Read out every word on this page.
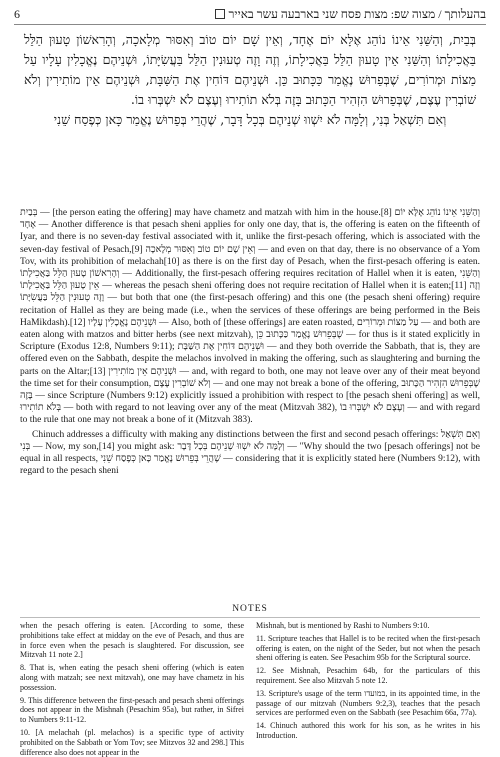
6	בהעלותך / מצוה שפ: מצות פסח שני בארבעה עשר באייר

בְּבַיִת, וְהַשֵּׁנִי אֵינוֹ נוֹהֵג אֶלָּא יוֹם אֶחָד, וְאֵין שָׁם יוֹם טוֹב וְאִסּוּר מְלָאכָה, וְהָרִאשׁוֹן טָעוּן הַלֵּל בַּאֲכִילָתוֹ וְהַשֵּׁנִי אֵין טָעוּן הַלֵּל בַּאֲכִילָתוֹ, וְזֶה וָזֶה טְעוּנִין הַלֵּל בַּעֲשִׂיָּתוֹ, וּשְׁנֵיהֶם נֶאֱכָלִין עָלָיו עַל מַצּוֹת וּמְרוֹרִים, שֶׁבְּפֵרוּשׁ נֶאֱמַר כַּכָּתוּב כֵּן. וּשְׁנֵיהֶם דּוֹחִין אֶת הַשַּׁבָּת, וּשְׁנֵיהֶם אֵין מוֹתִירִין וְלֹא שׁוֹבְרִין עֶצֶם, שֶׁבְּפֵרוּשׁ הִזְהִיר הַכָּתוּב בָּזֶה בְּלֹא תוֹתִירוּ וְעֶצֶם לֹא יִשְׁבְּרוּ בוֹ.

וְאִם תִּשְׁאַל בְּנִי, וְלָמָּה לֹא יִשְׁווּ שְׁנֵיהֶם בְּכָל דָּבָר, שֶׁהֲרֵי בְּפֵרוּשׁ נֶאֱמַר כָּאן כְּפֶסַח שֵׁנִי

בְּבַיִת — [the person eating the offering] may have chametz and matzah with him in the house.[8] וְהַשֵּׁנִי אֵינוֹ נוֹהֵג אֶלָּא יוֹם אֶחָד — Another difference is that pesach sheni applies for only one day, that is, the offering is eaten on the fifteenth of Iyar, and there is no seven-day festival associated with it, unlike the first-pesach offering, which is associated with the seven-day festival of Pesach,[9] וְאֵין שָׁם יוֹם טוֹב וְאִסּוּר מְלָאכָה — and even on that day, there is no observance of a Yom Tov, with its prohibition of melachah[10] as there is on the first day of Pesach, when the first-pesach offering is eaten. וְהָרִאשׁוֹן טָעוּן הַלֵּל בַּאֲכִילָתוֹ — Additionally, the first-pesach offering requires recitation of Hallel when it is eaten, וְהַשֵּׁנִי אֵין טָעוּן הַלֵּל בַּאֲכִילָתוֹ — whereas the pesach sheni offering does not require recitation of Hallel when it is eaten;[11] וְזֶה וָזֶה טְעוּנִין הַלֵּל בַּעֲשִׂיָּתוֹ — but both that one (the first-pesach offering) and this one (the pesach sheni offering) require recitation of Hallel as they are being made (i.e., when the services of these offerings are being performed in the Beis HaMikdash).[12] וּשְׁנֵיהֶם נֶאֱכָלִין עָלָיו — Also, both of [these offerings] are eaten roasted, עַל מַצּוֹת וּמְרוֹרִים — and both are eaten along with matzos and bitter herbs (see next mitzvah), שֶׁבְּפֵרוּשׁ נֶאֱמַר כַּכָּתוּב כֵּן — for thus is it stated explicitly in Scripture (Exodus 12:8, Numbers 9:11); וּשְׁנֵיהֶם דּוֹחִין אֶת הַשַּׁבָּת — and they both override the Sabbath, that is, they are offered even on the Sabbath, despite the melachos involved in making the offering, such as slaughtering and burning the parts on the Altar;[13] וּשְׁנֵיהֶם אֵין מוֹתִירִין — and, with regard to both, one may not leave over any of their meat beyond the time set for their consumption, וְלֹא שׁוֹבְרִין עֶצֶם — and one may not break a bone of the offering, שֶׁבְּפֵרוּשׁ הִזְהִיר הַכָּתוּב בָּזֶה — since Scripture (Numbers 9:12) explicitly issued a prohibition with respect to [the pesach sheni offering] as well, בְּלֹא תוֹתִירוּ — both with regard to not leaving over any of the meat (Mitzvah 382), וְעֶצֶם לֹא יִשְׁבְּרוּ בוֹ — and with regard to the rule that one may not break a bone of it (Mitzvah 383).

Chinuch addresses a difficulty with making any distinctions between the first and second pesach offerings: וְאִם תִּשְׁאַל בְּנִי — Now, my son,[14] you might ask: וְלָמָּה לֹא יִשְׁווּ שְׁנֵיהֶם בְּכָל דָּבָר — "Why should the two [pesach offerings] not be equal in all respects, שֶׁהֲרֵי בְּפֵרוּשׁ נֶאֱמַר כָּאן כְּפֶסַח שֵׁנִי — considering that it is explicitly stated here (Numbers 9:12), with regard to the pesach sheni

NOTES

when the pesach offering is eaten. [According to some, these prohibitions take effect at midday on the eve of Pesach, and thus are in force even when the pesach is slaughtered. For discussion, see Mitzvah 11 note 2.]

8. That is, when eating the pesach sheni offering (which is eaten along with matzah; see next mitzvah), one may have chametz in his possession.

9. This difference between the first-pesach and pesach sheni offerings does not appear in the Mishnah (Pesachim 95a), but rather, in Sifrei to Numbers 9:11-12.

10. [A melachah (pl. melachos) is a specific type of activity prohibited on the Sabbath or Yom Tov; see Mitzvos 32 and 298.] This difference also does not appear in the

Mishnah, but is mentioned by Rashi to Numbers 9:10.

11. Scripture teaches that Hallel is to be recited when the first-pesach offering is eaten, on the night of the Seder, but not when the pesach sheni offering is eaten. See Pesachim 95b for the Scriptural source.

12. See Mishnah, Pesachim 64b, for the particulars of this requirement. See also Mitzvah 5 note 12.

13. Scripture's usage of the term במועדו, in its appointed time, in the passage of our mitzvah (Numbers 9:2,3), teaches that the pesach services are performed even on the Sabbath (see Pesachim 66a, 77a).

14. Chinuch authored this work for his son, as he writes in his Introduction.
